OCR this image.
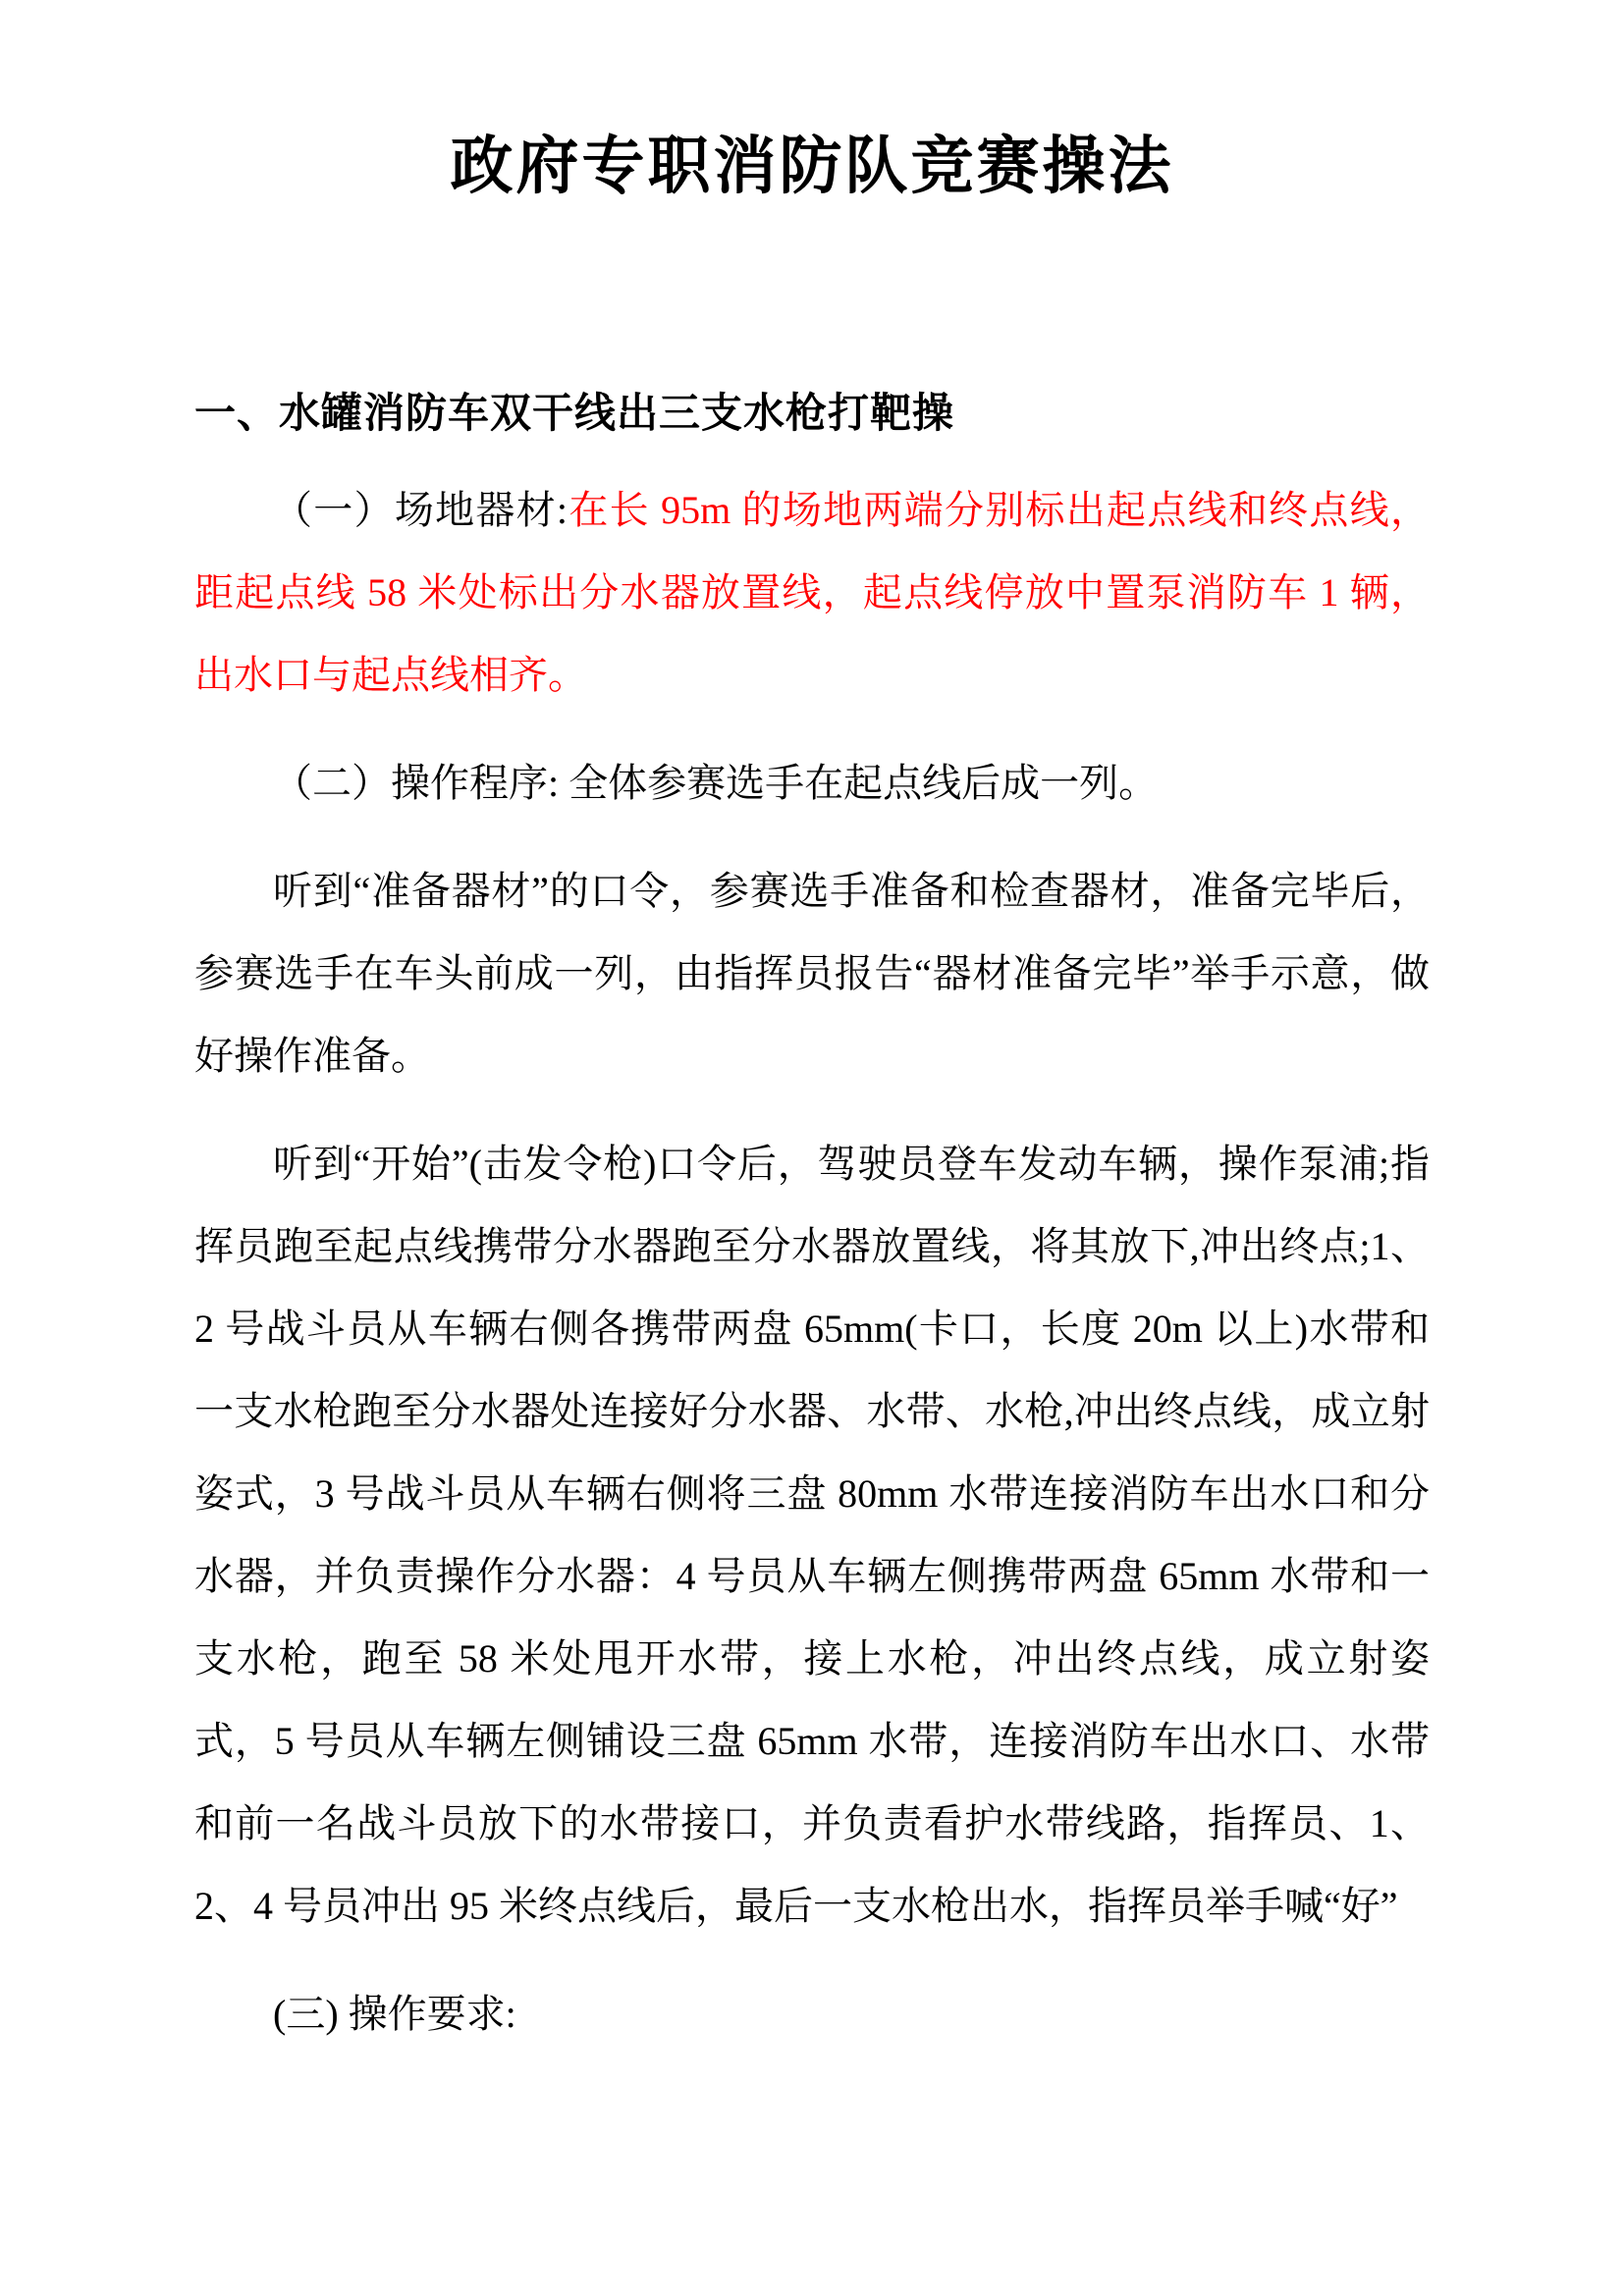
政府专职消防队竞赛操法
一、水罐消防车双干线出三支水枪打靶操

（一）场地器材:在长 95m 的场地两端分别标出起点线和终点线，距起点线 58 米处标出分水器放置线，起点线停放中置泵消防车 1 辆，出水口与起点线相齐。

（二）操作程序: 全体参赛选手在起点线后成一列。

听到“准备器材”的口令，参赛选手准备和检查器材，准备完毕后，参赛选手在车头前成一列，由指挥员报告“器材准备完毕”举手示意，做好操作准备。

听到“开始”(击发令枪)口令后，驾驶员登车发动车辆，操作泵浦;指挥员跑至起点线携带分水器跑至分水器放置线，将其放下,冲出终点;1、2 号战斗员从车辆右侧各携带两盘 65mm(卡口，长度 20m 以上)水带和一支水枪跑至分水器处连接好分水器、水带、水枪,冲出终点线，成立射姿式，3 号战斗员从车辆右侧将三盘 80mm 水带连接消防车出水口和分水器，并负责操作分水器：4 号员从车辆左侧携带两盘 65mm 水带和一支水枪，跑至 58 米处甩开水带，接上水枪，冲出终点线，成立射姿式，5 号员从车辆左侧铺设三盘 65mm 水带，连接消防车出水口、水带和前一名战斗员放下的水带接口，并负责看护水带线路，指挥员、1、2、4 号员冲出 95 米终点线后，最后一支水枪出水，指挥员举手喊“好”

(三) 操作要求:
